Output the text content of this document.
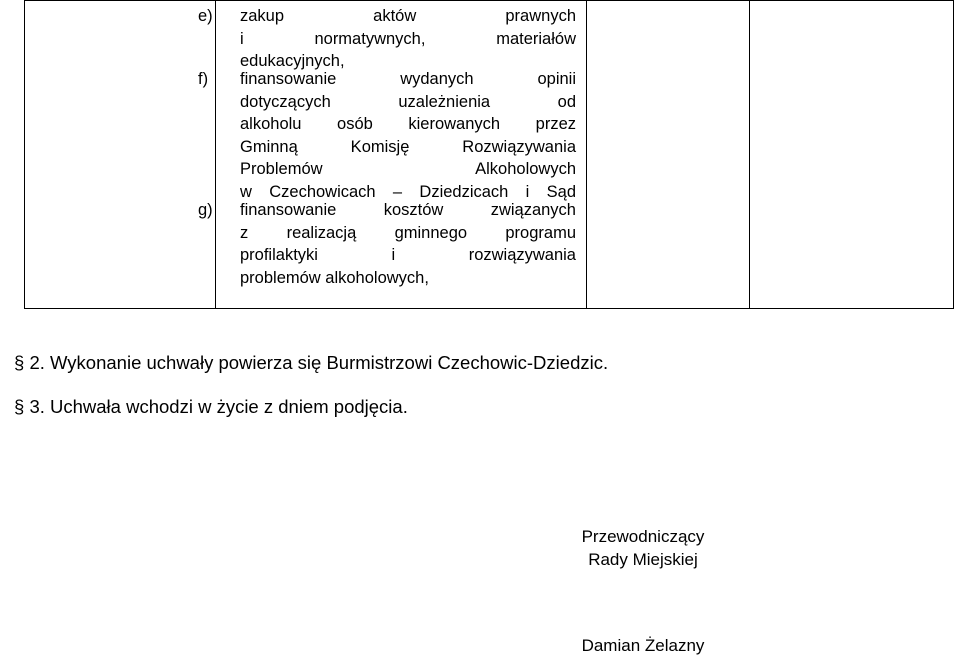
e) zakup aktów prawnych
i normatywnych, materiałów
edukacyjnych,
f) finansowanie wydanych opinii
dotyczących uzależnienia od
alkoholu osób kierowanych przez
Gminną Komisję Rozwiązywania
Problemów Alkoholowych
w Czechowicach – Dziedzicach i Sąd
g) finansowanie kosztów związanych
z realizacją gminnego programu
profilaktyki i rozwiązywania
problemów alkoholowych,
§ 2. Wykonanie uchwały powierza się Burmistrzowi Czechowic-Dziedzic.
§ 3. Uchwała wchodzi w życie z dniem podjęcia.
Przewodniczący
Rady Miejskiej
Damian Żelazny
